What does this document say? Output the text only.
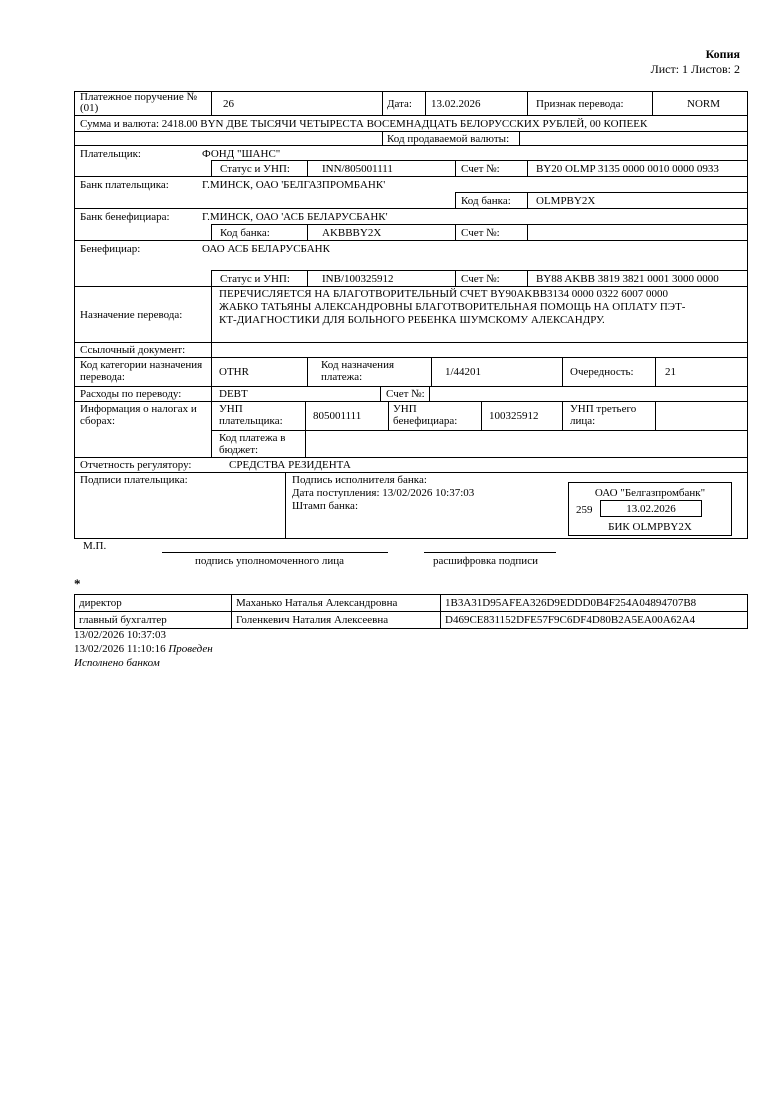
Копия
Лист: 1 Листов: 2
Платежное поручение № (01)	26	Дата: 13.02.2026	Признак перевода:	NORM
Сумма и валюта: 2418.00 BYN ДВЕ ТЫСЯЧИ ЧЕТЫРЕСТА ВОСЕМНАДЦАТЬ БЕЛОРУССКИХ РУБЛЕЙ, 00 КОПЕЕК
Код продаваемой валюты:
Плательщик:	ФОНД "ШАНС"
Статус и УНП:	INN/805001111	Счет №:	BY20 OLMP 3135 0000 0010 0000 0933
Банк плательщика:	Г.МИНСК, ОАО 'БЕЛГАЗПРОМБАНК'
Код банка: OLMPBY2X
Банк бенефициара:	Г.МИНСК, ОАО 'АСБ БЕЛАРУСБАНК'
Код банка:	AKBBBY2X	Счет №:
Бенефициар:	ОАО АСБ БЕЛАРУСБАНК
Статус и УНП:	INB/100325912	Счет №:	BY88 AKBB 3819 3821 0001 3000 0000
Назначение перевода:
ПЕРЕЧИСЛЯЕТСЯ НА БЛАГОТВОРИТЕЛЬНЫЙ СЧЕТ BY90AKBB3134 0000 0322 6007 0000
ЖАБКО ТАТЬЯНЫ АЛЕКСАНДРОВНЫ БЛАГОТВОРИТЕЛЬНАЯ ПОМОЩЬ НА ОПЛАТУ ПЭТ-
КТ-ДИАГНОСТИКИ ДЛЯ БОЛЬНОГО РЕБЕНКА ШУМСКОМУ АЛЕКСАНДРУ.
Ссылочный документ:
Код категории назначения перевода:	OTHR
Код назначения платежа:	1/44201	Очередность:	21
Расходы по переводу:	DEBT	Счет №:
Информация о налогах и сборах:
УНП плательщика:	805001111
УНП бенефициара:	100325912
УНП третьего лица:
Код платежа в бюджет:
Отчетность регулятору:	СРЕДСТВА РЕЗИДЕНТА
Подписи плательщика:	Подпись исполнителя банка:
Дата поступления: 13/02/2026 10:37:03
Штамп банка:
ОАО "Белгазпромбанк"
259	13.02.2026
БИК OLMPBY2X
М.П.
подпись уполномоченного лица	расшифровка подписи
*
директор	Маханько Наталья Александровна	1B3A31D95AFEA326D9EDDD0B4F254A04894707B8
главный бухгалтер	Голенкевич Наталия Алексеевна	D469CE831152DFE57F9C6DF4D80B2A5EA00A62A4
13/02/2026 10:37:03
13/02/2026 11:10:16 Проведен
Исполнено банком
